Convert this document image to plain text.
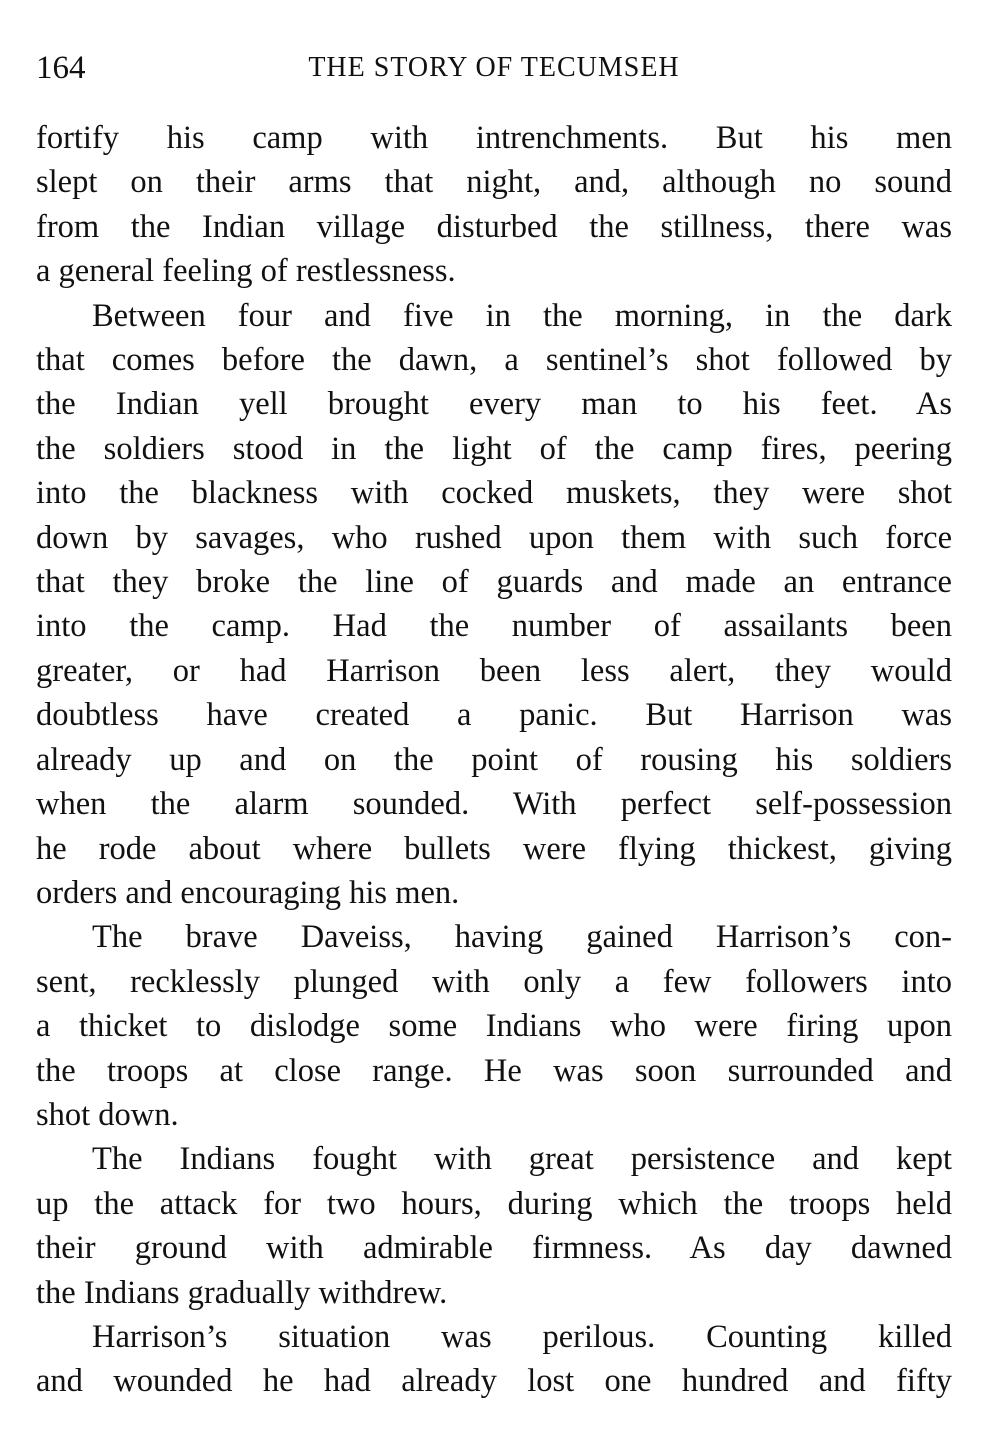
164	THE STORY OF TECUMSEH

fortify his camp with intrenchments. But his men
slept on their arms that night, and, although no sound
from the Indian village disturbed the stillness, there was
a general feeling of restlessness.

Between four and five in the morning, in the dark
that comes before the dawn, a sentinel’s shot followed by
the Indian yell brought every man to his feet. As
the soldiers stood in the light of the camp fires, peering
into the blackness with cocked muskets, they were shot
down by savages, who rushed upon them with such force
that they broke the line of guards and made an entrance
into the camp. Had the number of assailants been
greater, or had Harrison been less alert, they would
doubtless have created a panic. But Harrison was
already up and on the point of rousing his soldiers
when the alarm sounded. With perfect self-possession
he rode about where bullets were flying thickest, giving
orders and encouraging his men.

The brave Daveiss, having gained Harrison’s con-
sent, recklessly plunged with only a few followers into
a thicket to dislodge some Indians who were firing upon
the troops at close range. He was soon surrounded and
shot down.

The Indians fought with great persistence and kept
up the attack for two hours, during which the troops held
their ground with admirable firmness. As day dawned
the Indians gradually withdrew.

Harrison’s situation was perilous. Counting killed
and wounded he had already lost one hundred and fifty
